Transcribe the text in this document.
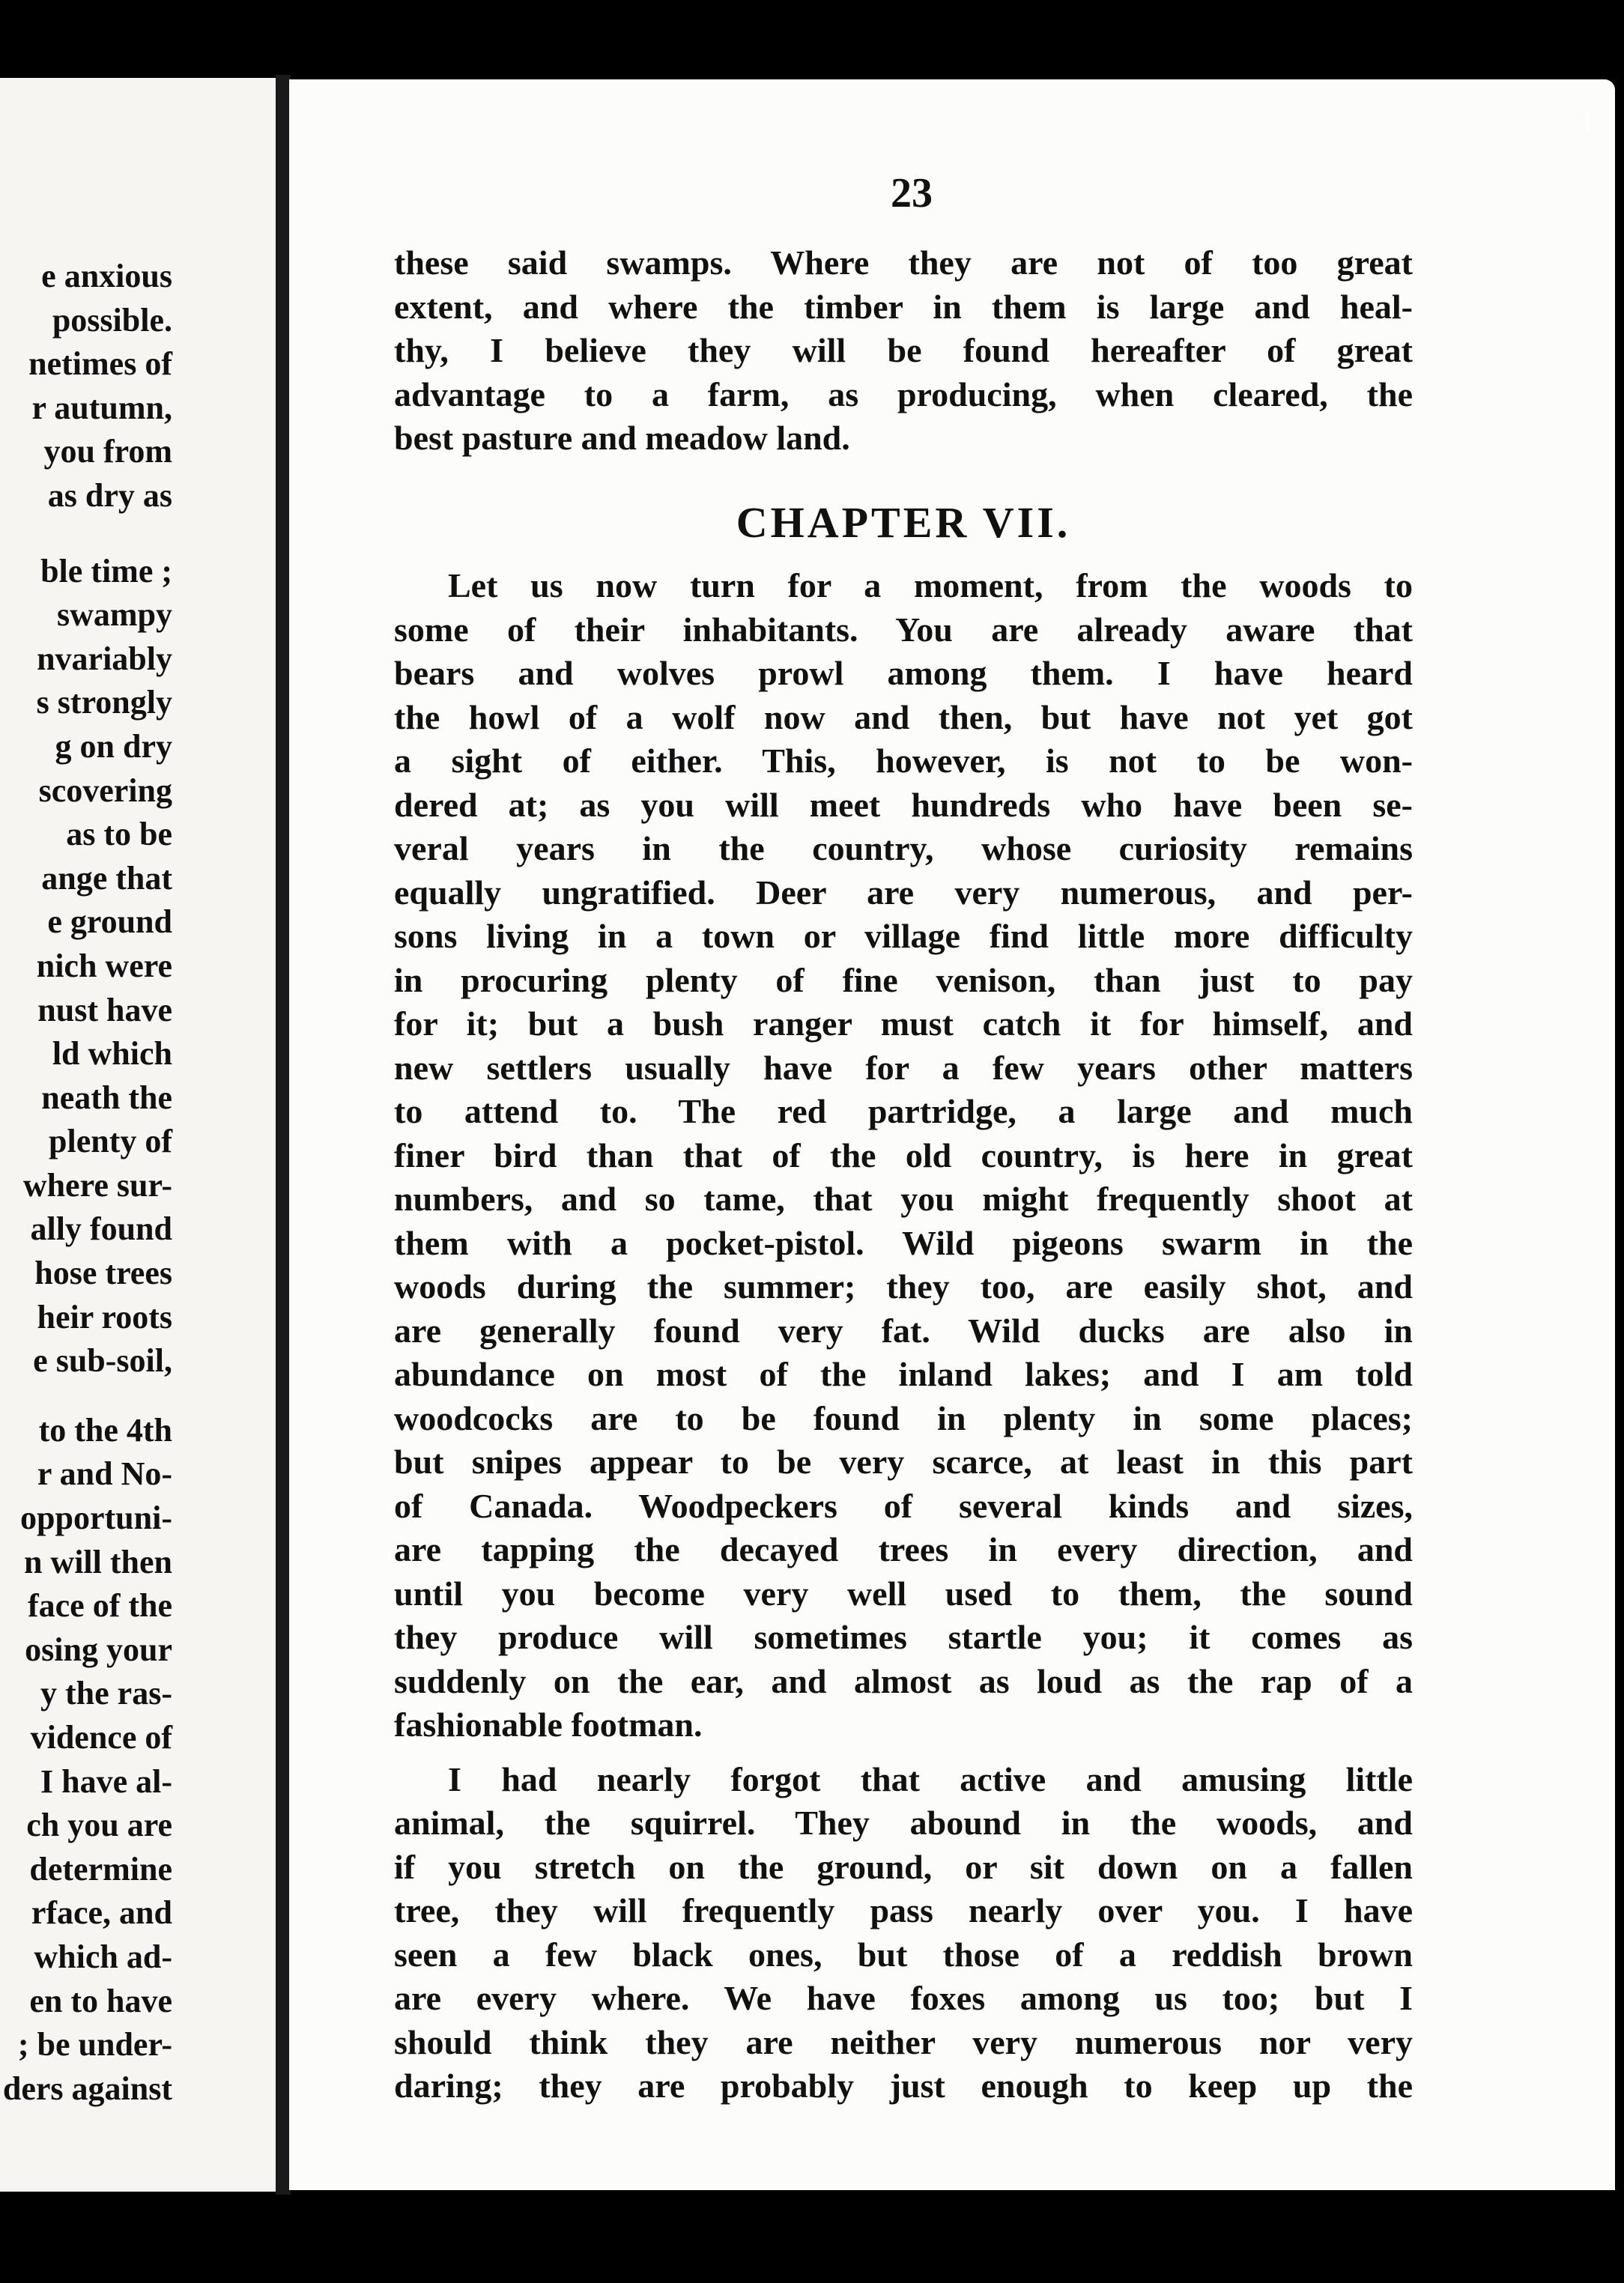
e anxious
possible.
netimes of
r autumn,
you from
as dry as
ble time ;
swampy
nvariably
s strongly
g on dry
scovering
as to be
ange that
e ground
nich were
nust have
ld which
neath the
plenty of
where sur-
ally found
hose trees
heir roots
e sub-soil,
to the 4th
r and No-
opportuni-
n will then
face of the
osing your
y the ras-
vidence of
I have al-
ch you are
determine
rface, and
which ad-
en to have
; be under-
ders against
23
these said swamps. Where they are not of too great
extent, and where the timber in them is large and heal-
thy, I believe they will be found hereafter of great
advantage to a farm, as producing, when cleared, the
best pasture and meadow land.
CHAPTER VII.
Let us now turn for a moment, from the woods to
some of their inhabitants. You are already aware that
bears and wolves prowl among them. I have heard
the howl of a wolf now and then, but have not yet got
a sight of either. This, however, is not to be won-
dered at; as you will meet hundreds who have been se-
veral years in the country, whose curiosity remains
equally ungratified. Deer are very numerous, and per-
sons living in a town or village find little more difficulty
in procuring plenty of fine venison, than just to pay
for it; but a bush ranger must catch it for himself, and
new settlers usually have for a few years other matters
to attend to. The red partridge, a large and much
finer bird than that of the old country, is here in great
numbers, and so tame, that you might frequently shoot at
them with a pocket-pistol. Wild pigeons swarm in the
woods during the summer; they too, are easily shot, and
are generally found very fat. Wild ducks are also in
abundance on most of the inland lakes; and I am told
woodcocks are to be found in plenty in some places;
but snipes appear to be very scarce, at least in this part
of Canada. Woodpeckers of several kinds and sizes,
are tapping the decayed trees in every direction, and
until you become very well used to them, the sound
they produce will sometimes startle you; it comes as
suddenly on the ear, and almost as loud as the rap of a
fashionable footman.
I had nearly forgot that active and amusing little
animal, the squirrel. They abound in the woods, and
if you stretch on the ground, or sit down on a fallen
tree, they will frequently pass nearly over you. I have
seen a few black ones, but those of a reddish brown
are every where. We have foxes among us too; but I
should think they are neither very numerous nor very
daring; they are probably just enough to keep up the
